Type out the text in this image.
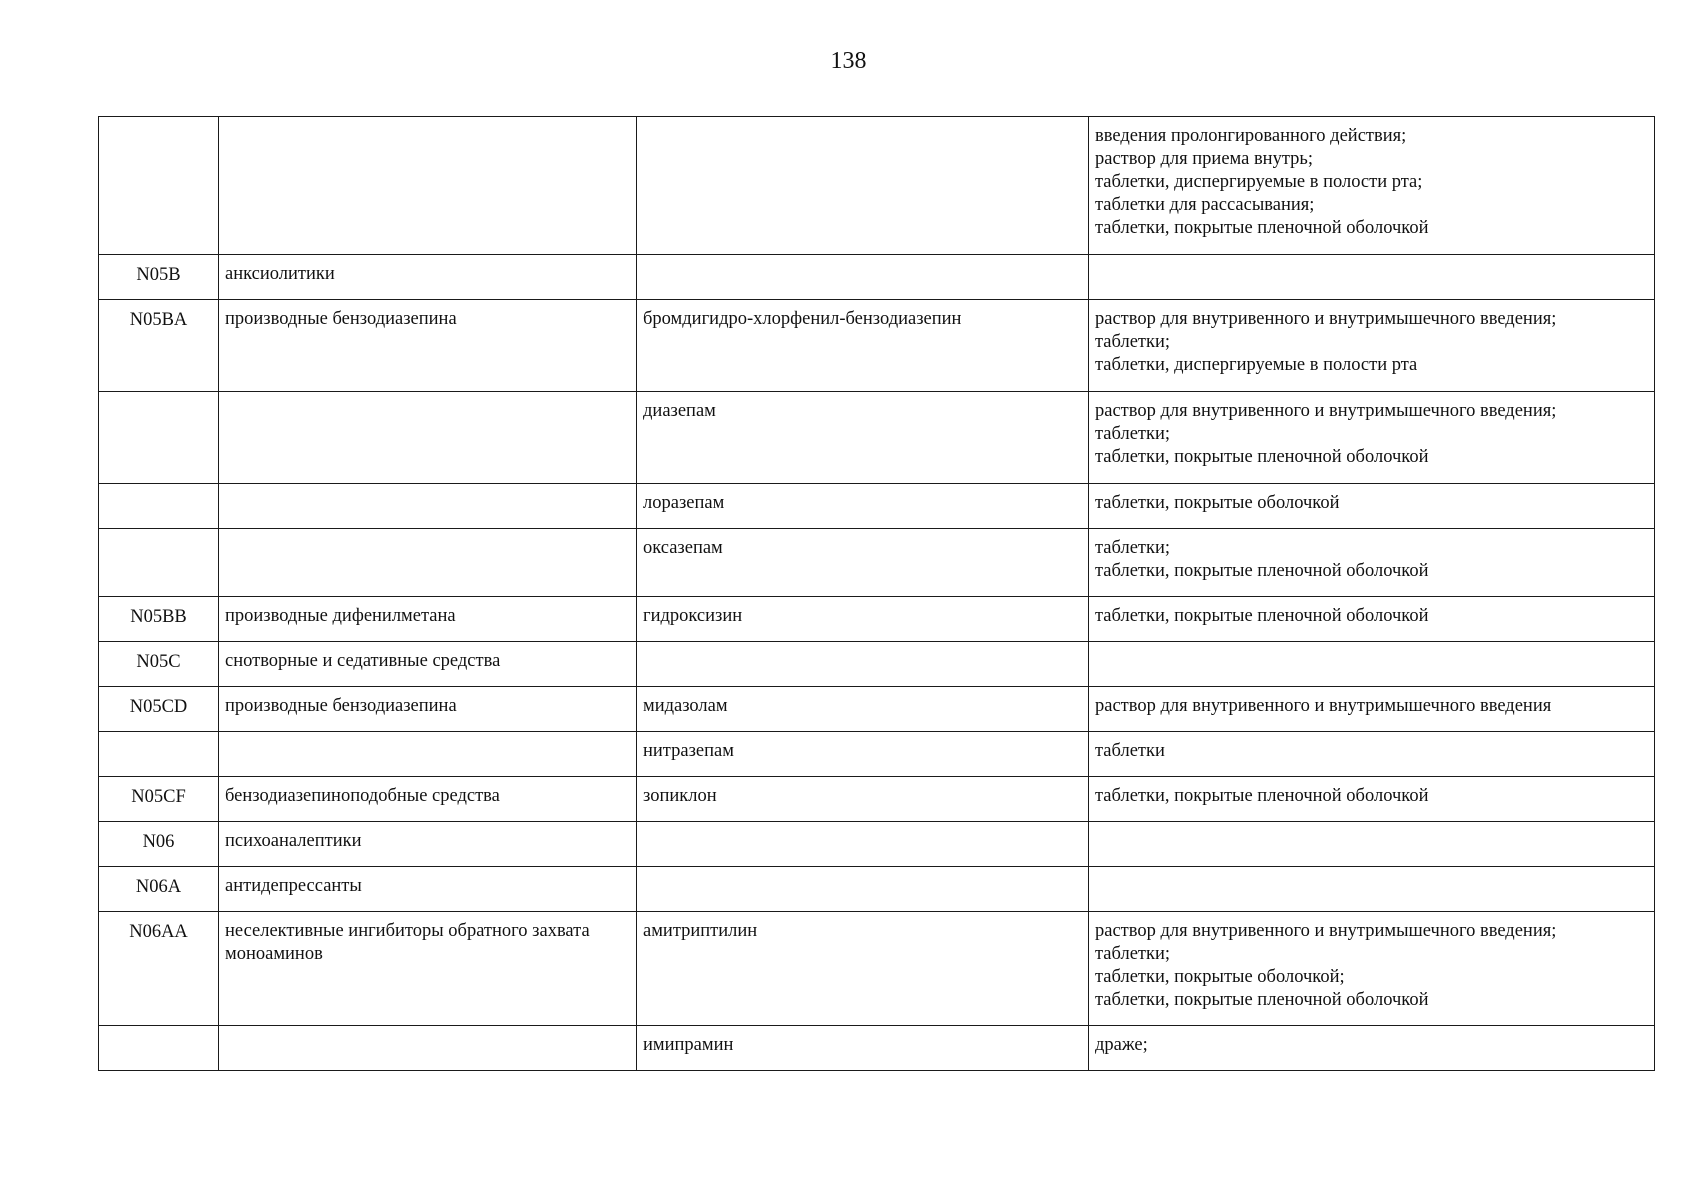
138
			введения пролонгированного действия;
раствор для приема внутрь;
таблетки, диспергируемые в полости рта;
таблетки для рассасывания;
таблетки, покрытые пленочной оболочкой
N05B	анксиолитики		
N05BA	производные бензодиазепина	бромдигидро-хлорфенил-бензодиазепин	раствор для внутривенного и внутримышечного введения;
таблетки;
таблетки, диспергируемые в полости рта
		диазепам	раствор для внутривенного и внутримышечного введения;
таблетки;
таблетки, покрытые пленочной оболочкой
		лоразепам	таблетки, покрытые оболочкой
		оксазепам	таблетки;
таблетки, покрытые пленочной оболочкой
N05BB	производные дифенилметана	гидроксизин	таблетки, покрытые пленочной оболочкой
N05C	снотворные и седативные средства		
N05CD	производные бензодиазепина	мидазолам	раствор для внутривенного и внутримышечного введения
		нитразепам	таблетки
N05CF	бензодиазепиноподобные средства	зопиклон	таблетки, покрытые пленочной оболочкой
N06	психоаналептики		
N06A	антидепрессанты		
N06AA	неселективные ингибиторы обратного захвата моноаминов	амитриптилин	раствор для внутривенного и внутримышечного введения;
таблетки;
таблетки, покрытые оболочкой;
таблетки, покрытые пленочной оболочкой
		имипрамин	драже;
